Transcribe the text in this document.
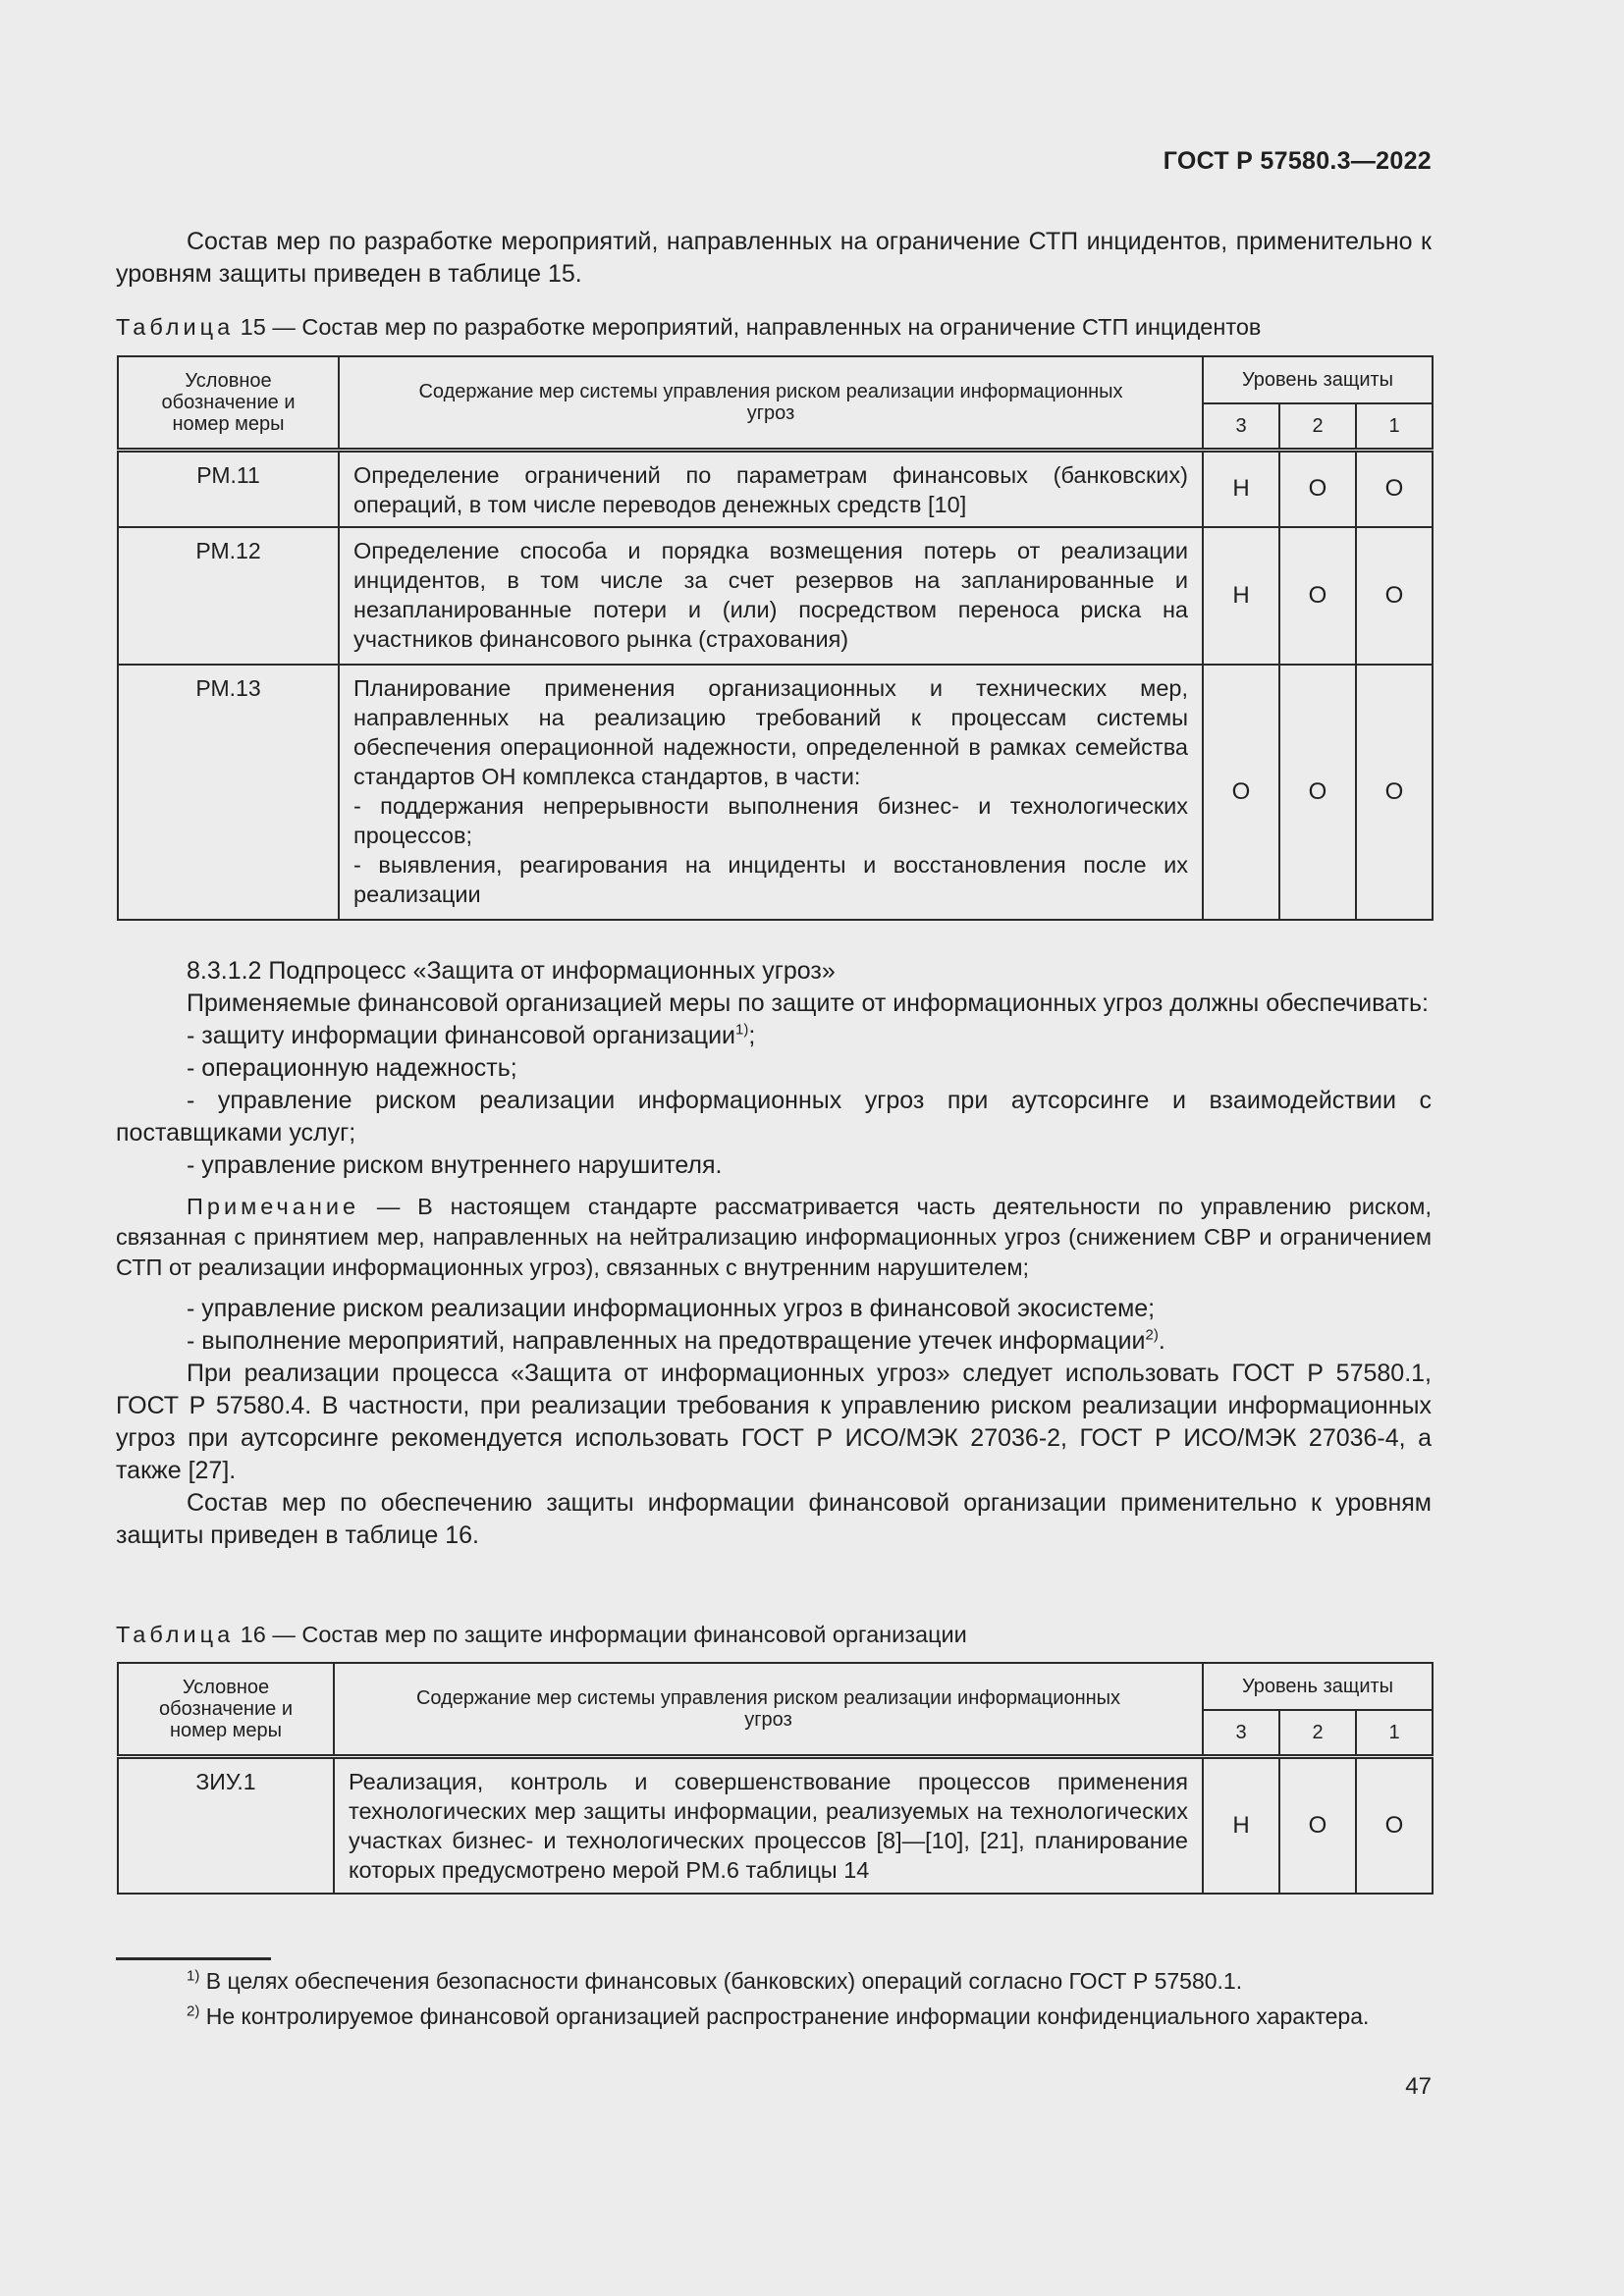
ГОСТ Р 57580.3—2022
Состав мер по разработке мероприятий, направленных на ограничение СТП инцидентов, применительно к уровням защиты приведен в таблице 15.
Таблица 15 — Состав мер по разработке мероприятий, направленных на ограничение СТП инцидентов
Условное обозначение и номер меры	Содержание мер системы управления риском реализации информационных угроз	Уровень защиты		
		3	2	1
РМ.11	Определение ограничений по параметрам финансовых (банковских) операций, в том числе переводов денежных средств [10]	Н	О	О
РМ.12	Определение способа и порядка возмещения потерь от реализации инцидентов, в том числе за счет резервов на запланированные и незапланированные потери и (или) посредством переноса риска на участников финансового рынка (страхования)	Н	О	О
РМ.13	Планирование применения организационных и технических мер, направленных на реализацию требований к процессам системы обеспечения операционной надежности, определенной в рамках семейства стандартов ОН комплекса стандартов, в части:
- поддержания непрерывности выполнения бизнес- и технологических процессов;
- выявления, реагирования на инциденты и восстановления после их реализации	О	О	О
8.3.1.2 Подпроцесс «Защита от информационных угроз»
Применяемые финансовой организацией меры по защите от информационных угроз должны обеспечивать:
- защиту информации финансовой организации$^{1)}$;
- операционную надежность;
- управление риском реализации информационных угроз при аутсорсинге и взаимодействии с поставщиками услуг;
- управление риском внутреннего нарушителя.
Примечание — В настоящем стандарте рассматривается часть деятельности по управлению риском, связанная с принятием мер, направленных на нейтрализацию информационных угроз (снижением СВР и ограничением СТП от реализации информационных угроз), связанных с внутренним нарушителем;
- управление риском реализации информационных угроз в финансовой экосистеме;
- выполнение мероприятий, направленных на предотвращение утечек информации$^{2)}$.
При реализации процесса «Защита от информационных угроз» следует использовать ГОСТ Р 57580.1, ГОСТ Р 57580.4. В частности, при реализации требования к управлению риском реализации информационных угроз при аутсорсинге рекомендуется использовать ГОСТ Р ИСО/МЭК 27036-2, ГОСТ Р ИСО/МЭК 27036-4, а также [27].
Состав мер по обеспечению защиты информации финансовой организации применительно к уровням защиты приведен в таблице 16.
Таблица 16 — Состав мер по защите информации финансовой организации
Условное обозначение и номер меры	Содержание мер системы управления риском реализации информационных угроз	Уровень защиты		
		3	2	1
ЗИУ.1	Реализация, контроль и совершенствование процессов применения технологических мер защиты информации, реализуемых на технологических участках бизнес- и технологических процессов [8]—[10], [21], планирование которых предусмотрено мерой РМ.6 таблицы 14	Н	О	О
$^{1)}$ В целях обеспечения безопасности финансовых (банковских) операций согласно ГОСТ Р 57580.1.
$^{2)}$ Не контролируемое финансовой организацией распространение информации конфиденциального характера.
47
